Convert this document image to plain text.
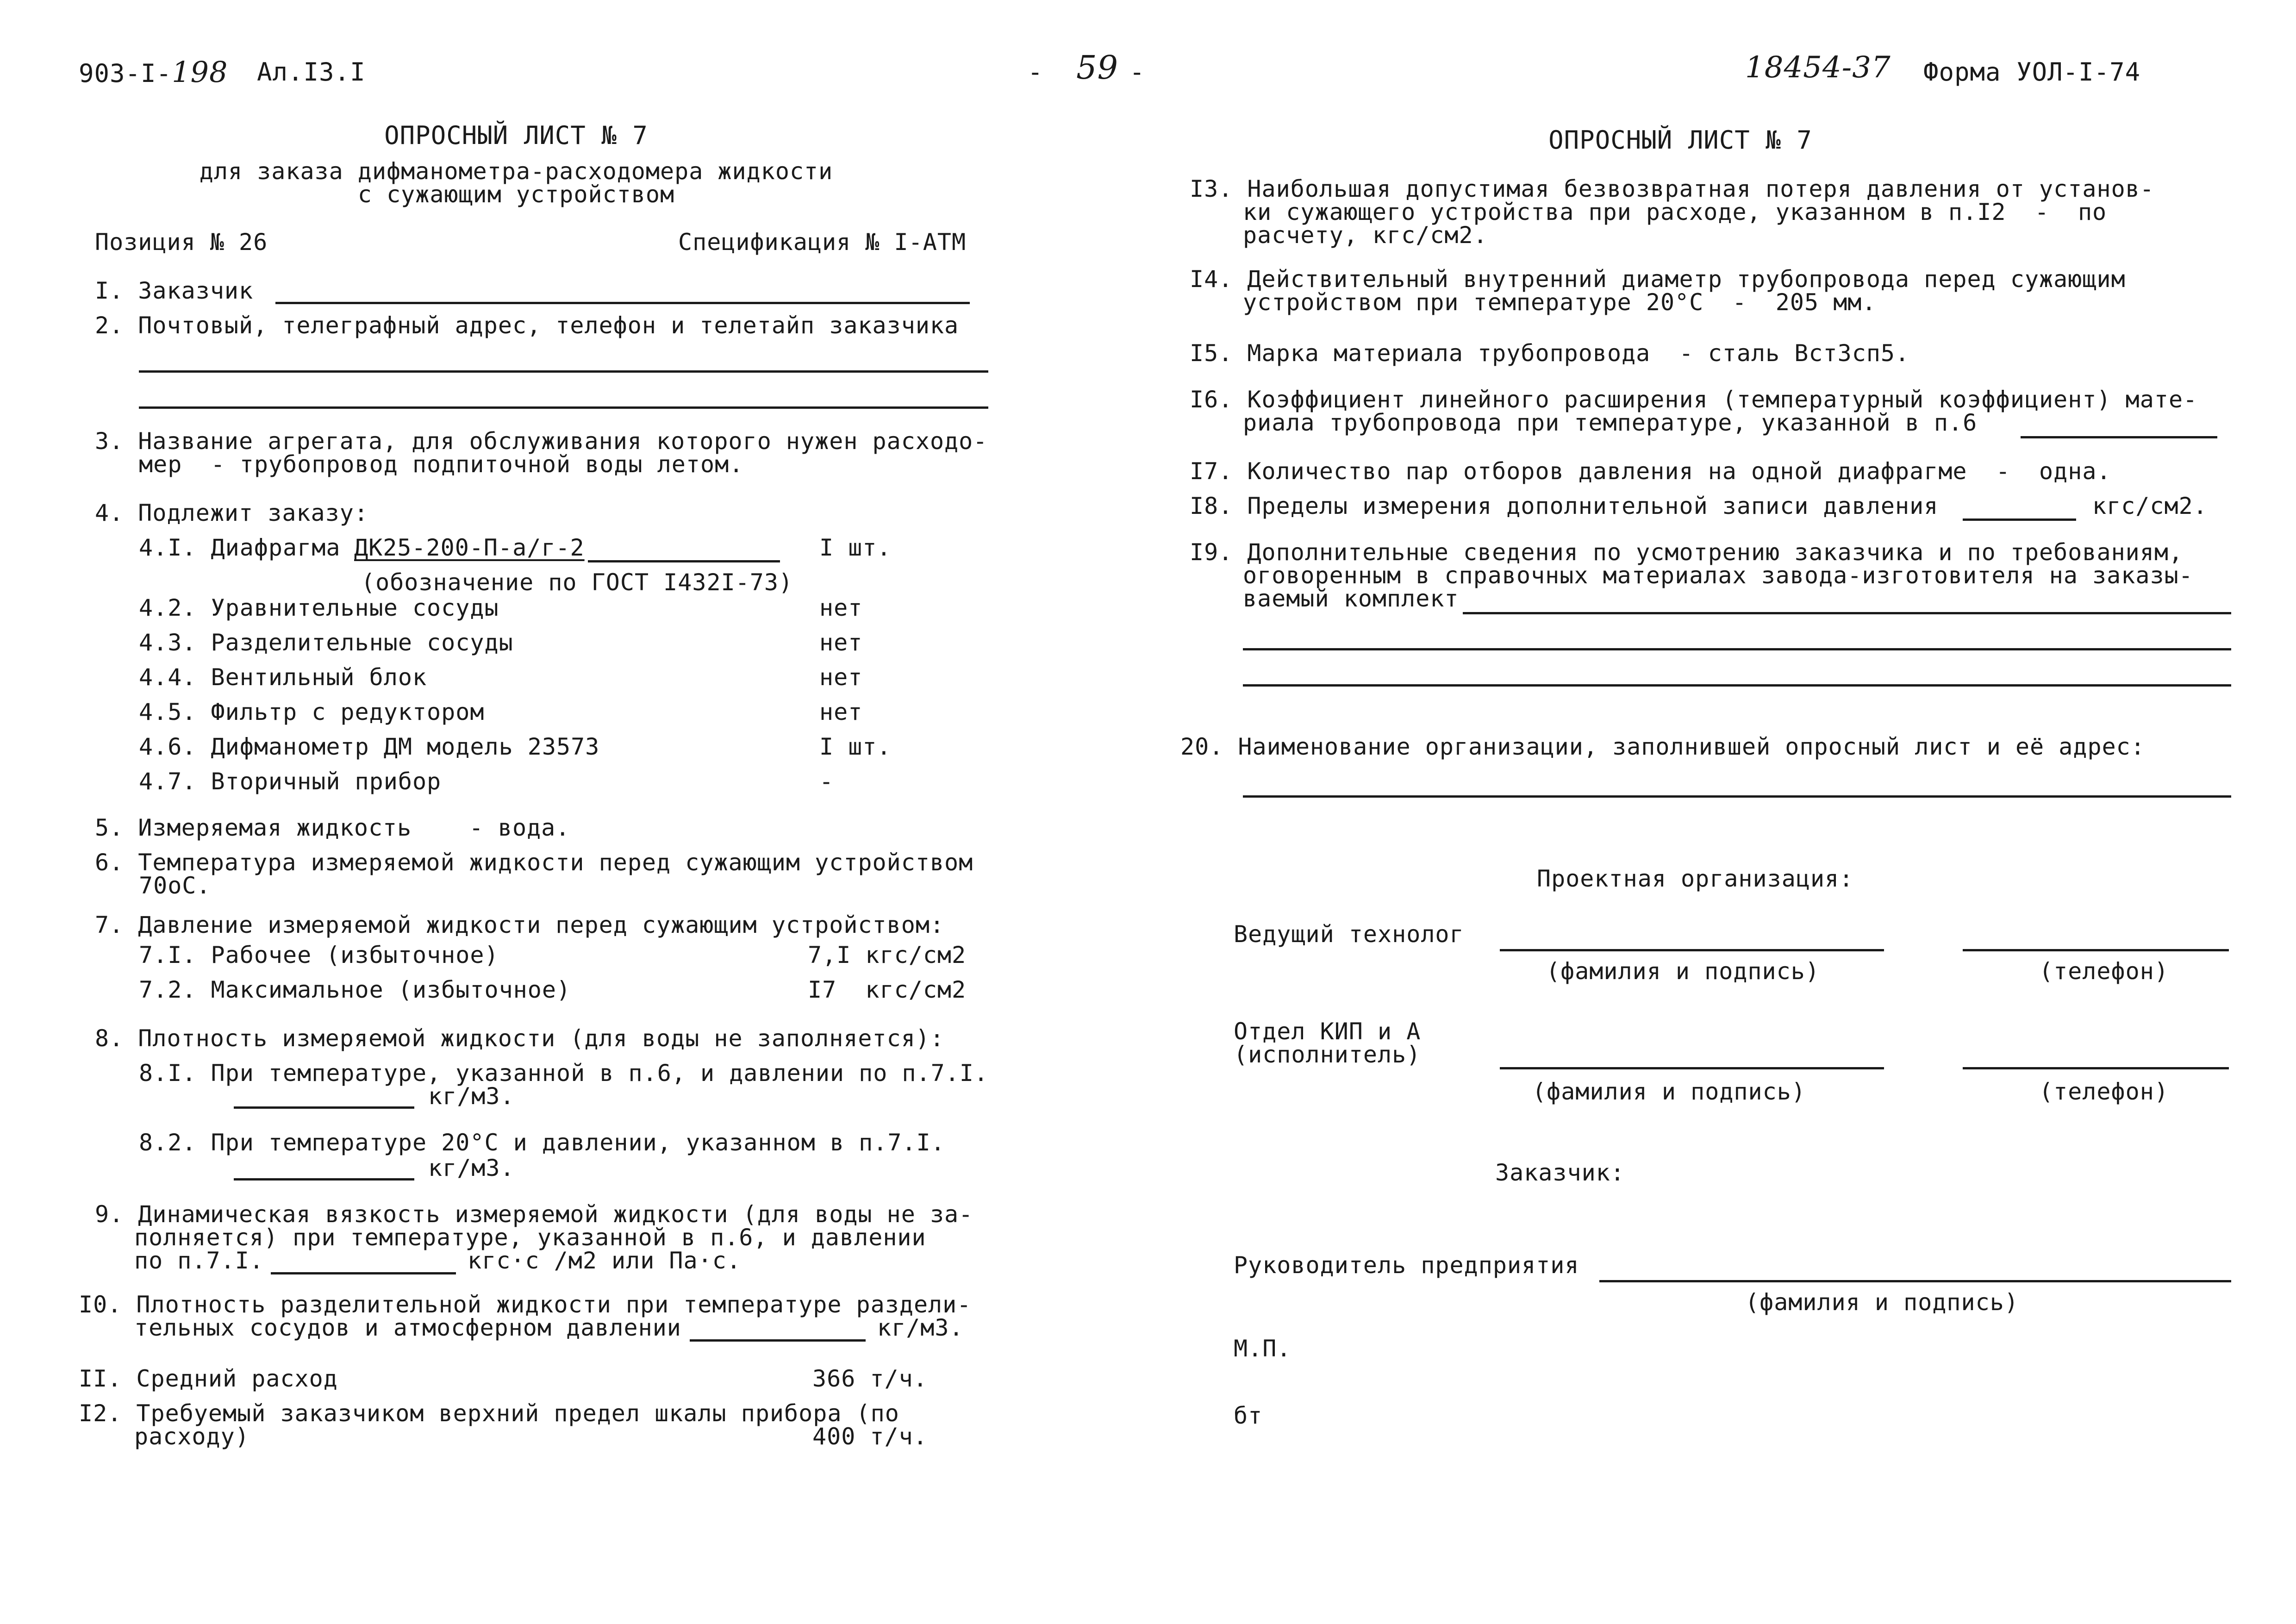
903-I-198 Ал.I3.I	-
ОПРОСНЫЙ ЛИСТ № 7
для заказа дифманометра-расходомера жидкости
с сужающим устройством
Позиция № 26	Спецификация № I-АТМ
I. Заказчик
2. Почтовый, телеграфный адрес, телефон и телетайп заказчика
3. Название агрегата, для обслуживания которого нужен расходо-
мер  - трубопровод подпиточной воды летом.
4. Подлежит заказу:
4.I. Диафрагма ДК25-200-П-а/г-2	I шт.
(обозначение по ГОСТ I432I-73)
4.2. Уравнительные сосуды	нет
4.3. Разделительные сосуды	нет
4.4. Вентильный блок	нет
4.5. Фильтр с редуктором	нет
4.6. Дифманометр ДМ модель 23573	I шт.
4.7. Вторичный прибор	-
5. Измеряемая жидкость    - вода.
6. Температура измеряемой жидкости перед сужающим устройством
70оС.
7. Давление измеряемой жидкости перед сужающим устройством:
7.I. Рабочее (избыточное)	7,I кгс/см2
7.2. Максимальное (избыточное)	I7  кгс/см2
8. Плотность измеряемой жидкости (для воды не заполняется):
8.I. При температуре, указанной в п.6, и давлении по п.7.I.
кг/м3.
8.2. При температуре 20°С и давлении, указанном в п.7.I.
кг/м3.
9. Динамическая вязкость измеряемой жидкости (для воды не за-
полняется) при температуре, указанной в п.6, и давлении
по п.7.I.	кгс·с /м2 или Па·с.
I0. Плотность разделительной жидкости при температуре раздели-
тельных сосудов и атмосферном давлении	кг/м3.
II. Средний расход	366 т/ч.
I2. Требуемый заказчиком верхний предел шкалы прибора (по
расходу)	400 т/ч.
59 -	18454-37 Форма УОЛ-I-74
ОПРОСНЫЙ ЛИСТ № 7
I3. Наибольшая допустимая безвозвратная потеря давления от установ-
ки сужающего устройства при расходе, указанном в п.I2  -  по
расчету, кгс/см2.
I4. Действительный внутренний диаметр трубопровода перед сужающим
устройством при температуре 20°С  -  205 мм.
I5. Марка материала трубопровода  - сталь ВстЗсп5.
I6. Коэффициент линейного расширения (температурный коэффициент) мате-
риала трубопровода при температуре, указанной в п.6
I7. Количество пар отборов давления на одной диафрагме  -  одна.
I8. Пределы измерения дополнительной записи давления	кгс/см2.
I9. Дополнительные сведения по усмотрению заказчика и по требованиям,
оговоренным в справочных материалах завода-изготовителя на заказы-
ваемый комплект
20. Наименование организации, заполнившей опросный лист и её адрес:
Проектная организация:
Ведущий технолог
(фамилия и подпись)	(телефон)
Отдел КИП и А
(исполнитель)
(фамилия и подпись)	(телефон)
Заказчик:
Руководитель предприятия
(фамилия и подпись)
М.П.
бт
